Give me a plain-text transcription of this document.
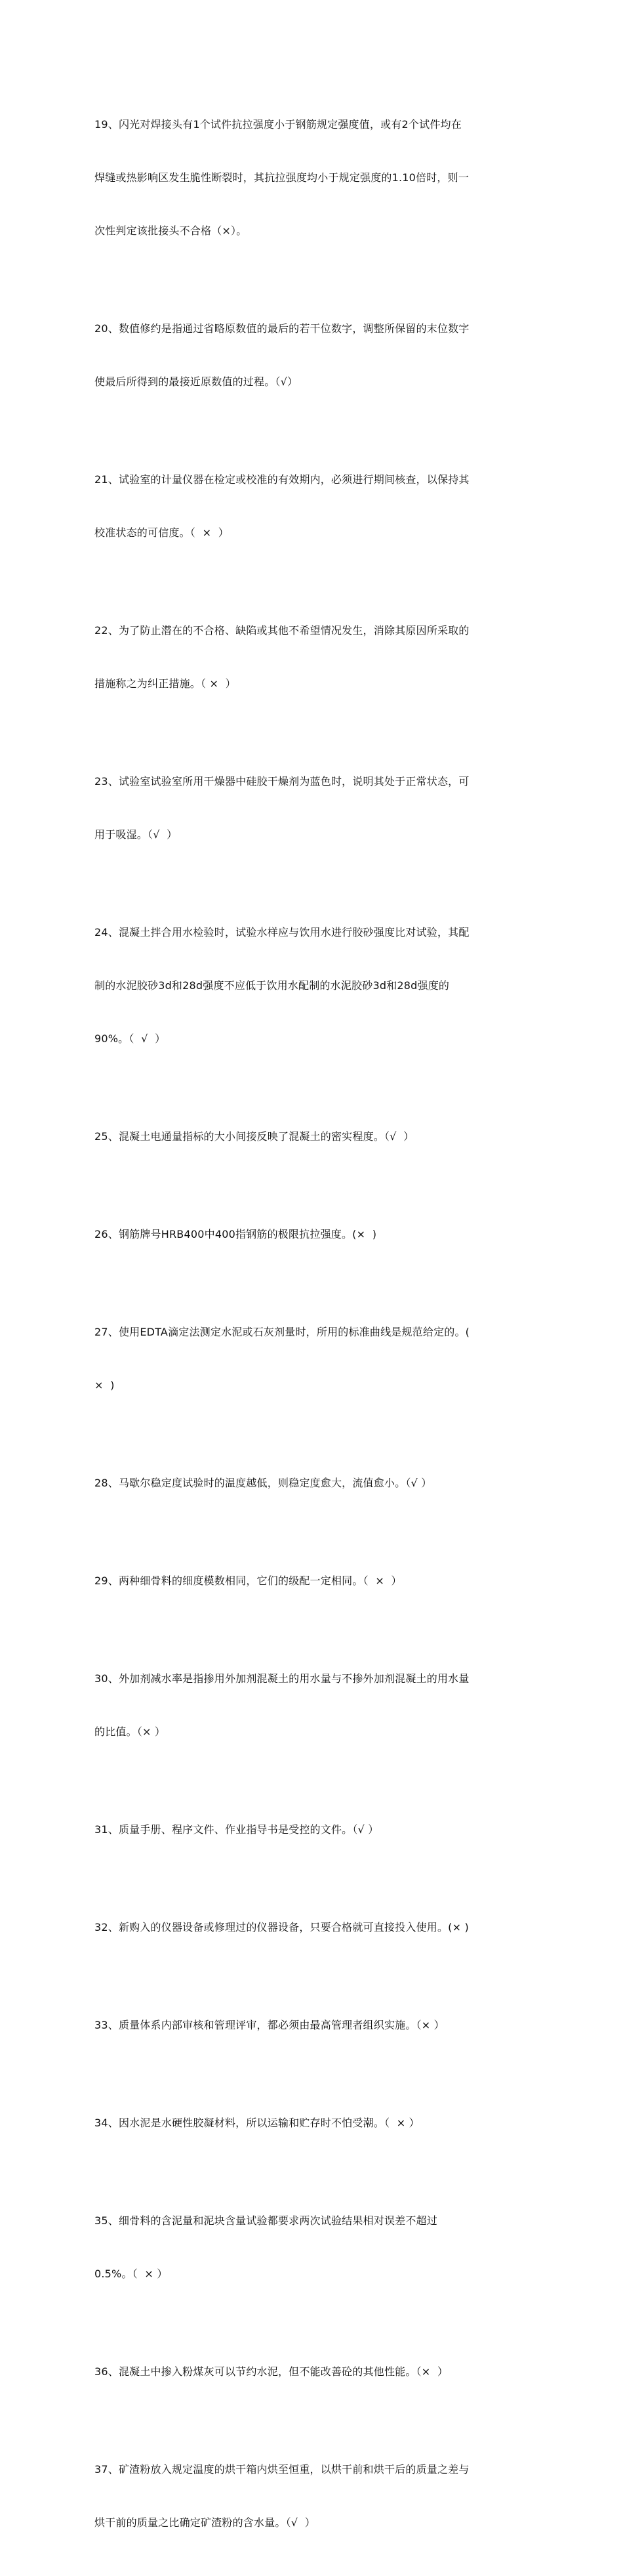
19、闪光对焊接头有1个试件抗拉强度小于钢筋规定强度值，或有2个试件均在

焊缝或热影响区发生脆性断裂时，其抗拉强度均小于规定强度的1.10倍时，则一

次性判定该批接头不合格（×）。

20、数值修约是指通过省略原数值的最后的若干位数字，调整所保留的末位数字

使最后所得到的最接近原数值的过程。（√）

21、试验室的计量仪器在检定或校准的有效期内，必须进行期间核查，以保持其

校准状态的可信度。（  ×  ）

22、为了防止潜在的不合格、缺陷或其他不希望情况发生，消除其原因所采取的

措施称之为纠正措施。（ ×  ）

23、试验室试验室所用干燥器中硅胶干燥剂为蓝色时，说明其处于正常状态，可

用于吸湿。（√  ）

24、混凝土拌合用水检验时，试验水样应与饮用水进行胶砂强度比对试验，其配

制的水泥胶砂3d和28d强度不应低于饮用水配制的水泥胶砂3d和28d强度的

90%。（  √  ）

25、混凝土电通量指标的大小间接反映了混凝土的密实程度。（√  ）

26、钢筋牌号HRB400中400指钢筋的极限抗拉强度。(×  )

27、使用EDTA滴定法测定水泥或石灰剂量时，所用的标准曲线是规范给定的。(

×  )

28、马歇尔稳定度试验时的温度越低，则稳定度愈大，流值愈小。（√ ）

29、两种细骨料的细度模数相同，它们的级配一定相同。（  ×  ）

30、外加剂减水率是指掺用外加剂混凝土的用水量与不掺外加剂混凝土的用水量

的比值。（× ）

31、质量手册、程序文件、作业指导书是受控的文件。（√ ）

32、新购入的仪器设备或修理过的仪器设备，只要合格就可直接投入使用。(× )

33、质量体系内部审核和管理评审，都必须由最高管理者组织实施。（× ）

34、因水泥是水硬性胶凝材料，所以运输和贮存时不怕受潮。（  × ）

35、细骨料的含泥量和泥块含量试验都要求两次试验结果相对误差不超过

0.5%。（  × ）

36、混凝土中掺入粉煤灰可以节约水泥，但不能改善砼的其他性能。（×  ）

37、矿渣粉放入规定温度的烘干箱内烘至恒重，以烘干前和烘干后的质量之差与

烘干前的质量之比确定矿渣粉的含水量。（√  ）
